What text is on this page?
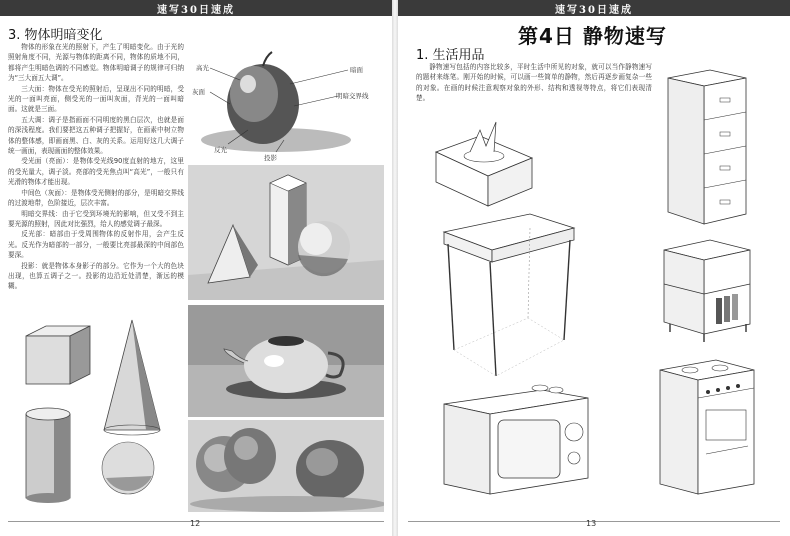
速写30日速成
3. 物体明暗变化

物体的形象在光的照射下，产生了明暗变化。由于光的照射角度不同，光源与物体的距离不同，物体的质地不同，都将产生明暗色调的不同感觉。物体明暗调子的规律可归纳为“三大面五大调”。

三大面：物体在受光的照射后，呈现出不同的明暗，受光的一面叫亮面，侧受光的一面叫灰面，背光的一面叫暗面。这就是三面。

五大调：调子是指画面不同明度的黑白层次，也就是面的深浅程度。我们要把这五种调子把握好，在画素中树立物体的整体感，即画面黑、白、灰的关系。运用好这几大调子统一画面，表现画面的整体效果。

受光面（亮面）：是物体受光线90度直射的地方，这里的受光量大，调子淡。亮部的受光焦点叫“高光”，一般只有光滑的物体才能出现。

中间色（灰面）：是物体受光侧射的部分，是明暗交界线的过渡地带，色阶接近，层次丰富。

明暗交界线：由于它受到环境光的影响，但又受不到主要光源的照射，因此对比强烈，给人的感觉调子最深。

反光部：暗部由于受周围物体的反射作用，会产生反光。反光作为暗部的一部分，一般要比亮部最深的中间部色要深。

投影：就是物体本身影子的部分。它作为一个大的色块出现，也算五调子之一。投影的边沿近处清楚，渐远的模糊。

高光	暗面
灰面	明暗交界线
反光
投影
12
速写30日速成
第4日 静物速写
1. 生活用品

静物速写包括的内容比较多，平时生活中所见的对象，就可以当作静物速写的题材来练笔。刚开始的时候，可以画一些简单的静物，然后再逐步画复杂一些的对象。在画的时候注意观察对象的外形、结构和透视等特点，将它们表现清楚。

13
